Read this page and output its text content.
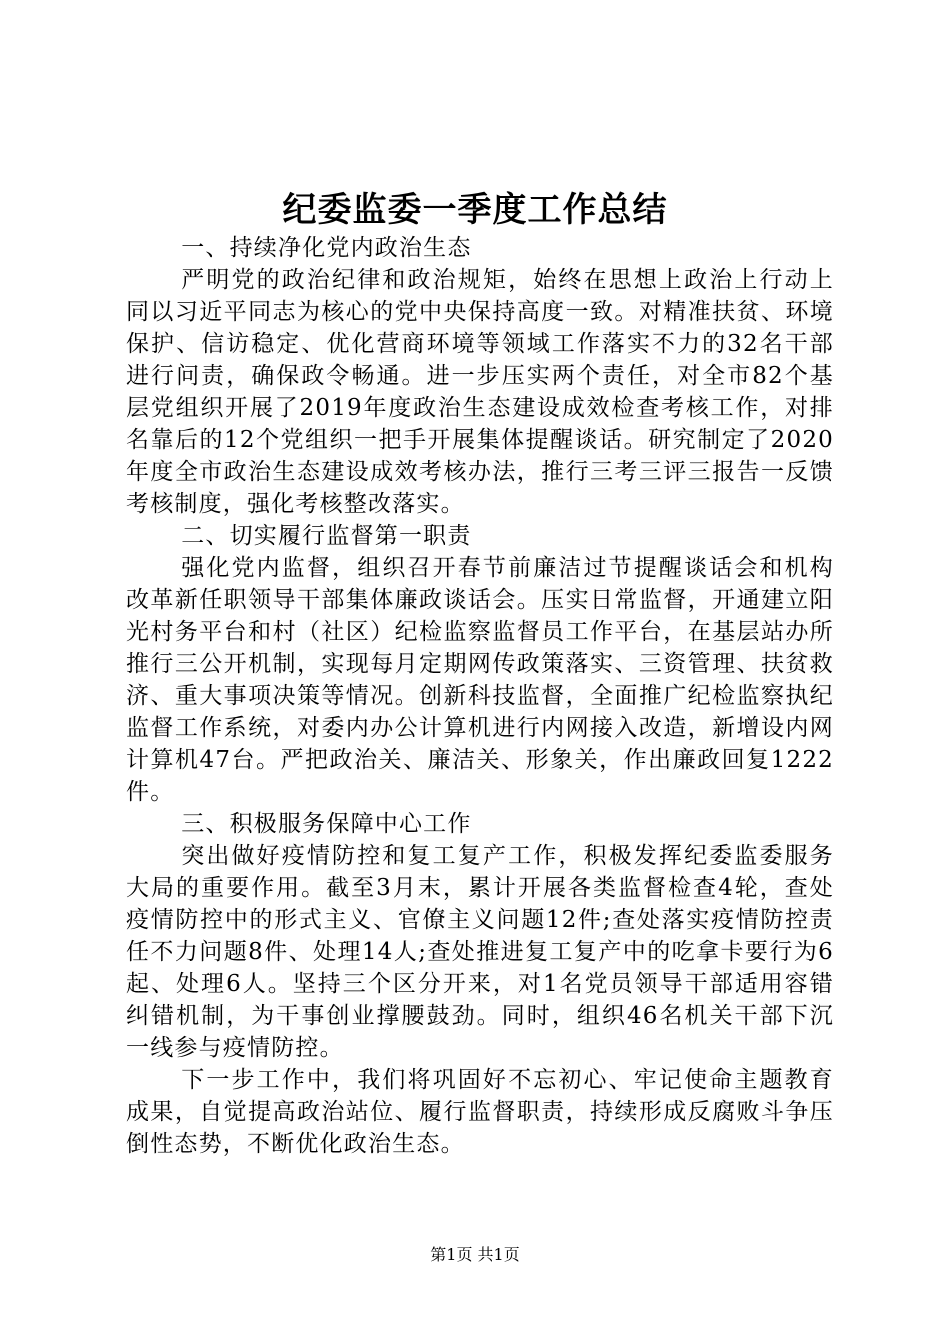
纪委监委一季度工作总结

一、持续净化党内政治生态

严明党的政治纪律和政治规矩，始终在思想上政治上行动上同以习近平同志为核心的党中央保持高度一致。对精准扶贫、环境保护、信访稳定、优化营商环境等领域工作落实不力的32名干部进行问责，确保政令畅通。进一步压实两个责任，对全市82个基层党组织开展了2019年度政治生态建设成效检查考核工作，对排名靠后的12个党组织一把手开展集体提醒谈话。研究制定了2020年度全市政治生态建设成效考核办法，推行三考三评三报告一反馈考核制度，强化考核整改落实。

二、切实履行监督第一职责

强化党内监督，组织召开春节前廉洁过节提醒谈话会和机构改革新任职领导干部集体廉政谈话会。压实日常监督，开通建立阳光村务平台和村（社区）纪检监察监督员工作平台，在基层站办所推行三公开机制，实现每月定期网传政策落实、三资管理、扶贫救济、重大事项决策等情况。创新科技监督，全面推广纪检监察执纪监督工作系统，对委内办公计算机进行内网接入改造，新增设内网计算机47台。严把政治关、廉洁关、形象关，作出廉政回复1222件。

三、积极服务保障中心工作

突出做好疫情防控和复工复产工作，积极发挥纪委监委服务大局的重要作用。截至3月末，累计开展各类监督检查4轮，查处疫情防控中的形式主义、官僚主义问题12件;查处落实疫情防控责任不力问题8件、处理14人;查处推进复工复产中的吃拿卡要行为6起、处理6人。坚持三个区分开来，对1名党员领导干部适用容错纠错机制，为干事创业撑腰鼓劲。同时，组织46名机关干部下沉一线参与疫情防控。

下一步工作中，我们将巩固好不忘初心、牢记使命主题教育成果，自觉提高政治站位、履行监督职责，持续形成反腐败斗争压倒性态势，不断优化政治生态。

第1页 共1页
